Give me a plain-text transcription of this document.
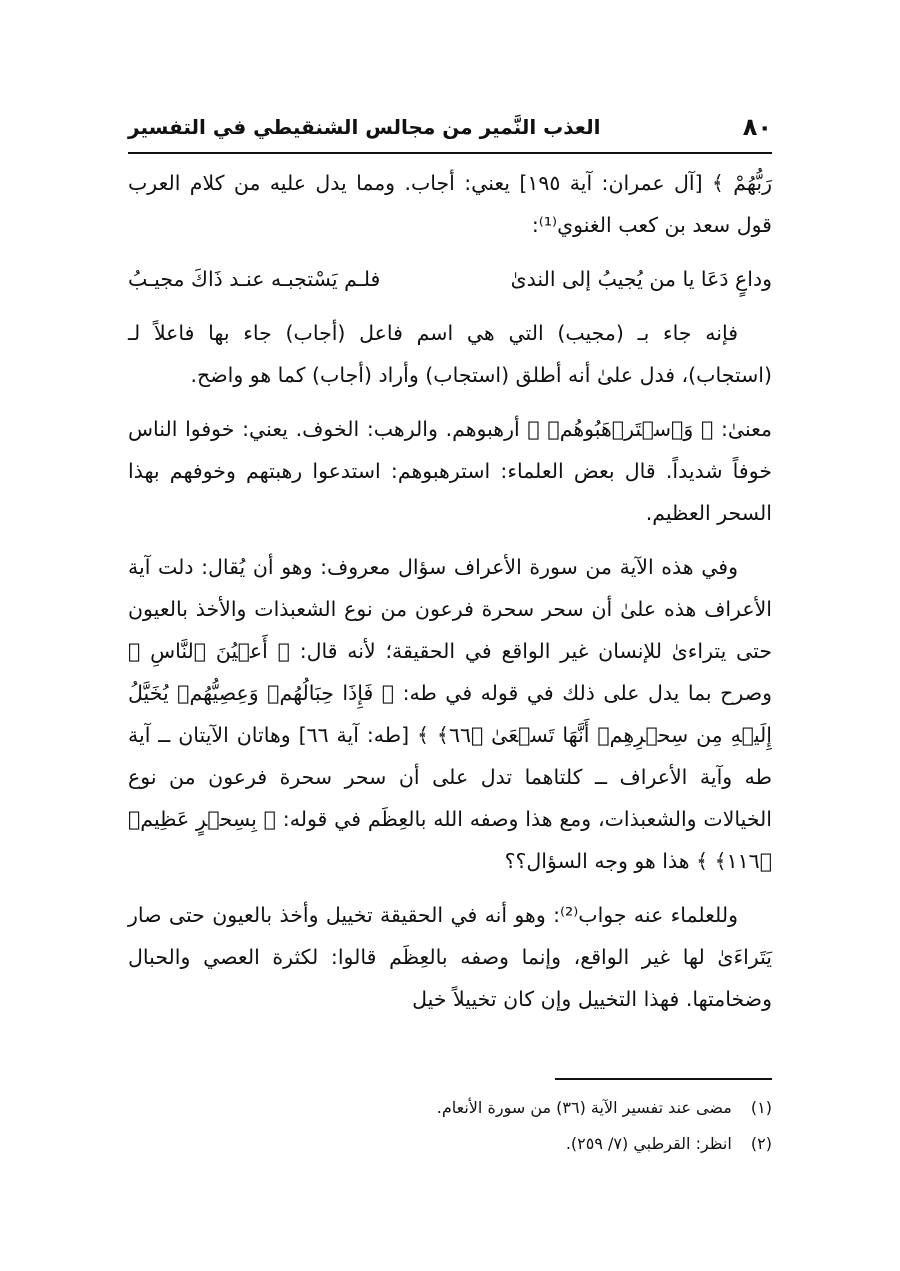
٨٠
العذب النَّمير من مجالس الشنقيطي في التفسير

رَبُّهُمْ ﴾ [آل عمران: آية ١٩٥] يعني: أجاب. ومما يدل عليه من كلام العرب قول سعد بن كعب الغنوي⁽¹⁾:

وداعٍ دَعَا يا من يُجيبُ إلى الندىٰ
فلـم يَسْتجبـه عنـد ذَاكَ مجيـبُ

فإنه جاء بـ (مجيب) التي هي اسم فاعل (أجاب) جاء بها فاعلاً لـ (استجاب)، فدل علىٰ أنه أطلق (استجاب) وأراد (أجاب) كما هو واضح.

معنىٰ: ﴿ وَٱسۡتَرۡهَبُوهُمۡ ﴾ أرهبوهم. والرهب: الخوف. يعني: خوفوا الناس خوفاً شديداً. قال بعض العلماء: استرهبوهم: استدعوا رهبتهم وخوفهم بهذا السحر العظيم.

وفي هذه الآية من سورة الأعراف سؤال معروف: وهو أن يُقال: دلت آية الأعراف هذه علىٰ أن سحر سحرة فرعون من نوع الشعبذات والأخذ بالعيون حتى يتراءىٰ للإنسان غير الواقع في الحقيقة؛ لأنه قال: ﴿ أَعۡيُنَ ٱلنَّاسِ ﴾ وصرح بما يدل على ذلك في قوله في طه: ﴿ فَإِذَا حِبَالُهُمۡ وَعِصِيُّهُمۡ يُخَيَّلُ إِلَيۡهِ مِن سِحۡرِهِمۡ أَنَّهَا تَسۡعَىٰ ﴿٦٦﴾ ﴾ [طه: آية ٦٦] وهاتان الآيتان ــ آية طه وآية الأعراف ــ كلتاهما تدل على أن سحر سحرة فرعون من نوع الخيالات والشعبذات، ومع هذا وصفه الله بالعِظَم في قوله: ﴿ بِسِحۡرٍ عَظِيمٖ ﴿١١٦﴾ ﴾ هذا هو وجه السؤال؟؟

وللعلماء عنه جواب⁽²⁾: وهو أنه في الحقيقة تخييل وأخذ بالعيون حتى صار يَتَراءَىٰ لها غير الواقع، وإنما وصفه بالعِظَم قالوا: لكثرة العصي والحبال وضخامتها. فهذا التخييل وإن كان تخييلاً خيل

(١) مضى عند تفسير الآية (٣٦) من سورة الأنعام.
(٢) انظر: القرطبي (٧/ ٢٥٩).
